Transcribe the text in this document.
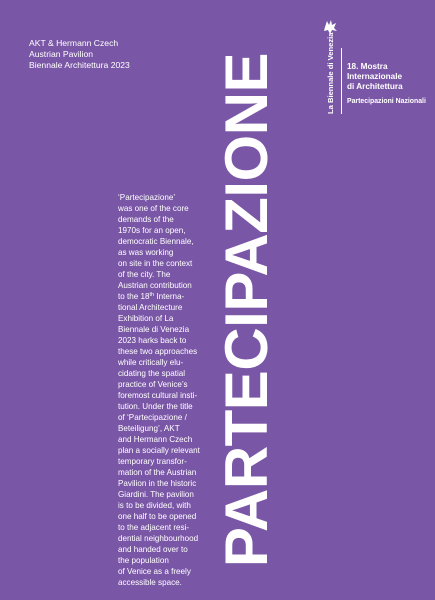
AKT & Hermann Czech
Austrian Pavilion
Biennale Architettura 2023 PARTECIPAZIONE
‘Partecipazione’
was one of the core
demands of the
1970s for an open,
democratic Biennale,
as was working
on site in the context
of the city. The
Austrian contribution
to the 18th Interna-
tional Architecture
Exhibition of La
Biennale di Venezia
2023 harks back to
these two approaches
while critically elu-
cidating the spatial
practice of Venice’s
foremost cultural insti-
tution. Under the title
of ‘Partecipazione /
Beteiligung’, AKT
and Hermann Czech
plan a socially relevant
temporary transfor-
mation of the Austrian
Pavilion in the historic
Giardini. The pavilion
is to be divided, with
one half to be opened
to the adjacent resi-
dential neighbourhood
and handed over to
the population
of Venice as a freely
accessible space.
La Biennale di Venezia 18. Mostra
Internazionale
di Architettura
Partecipazioni Nazionali
